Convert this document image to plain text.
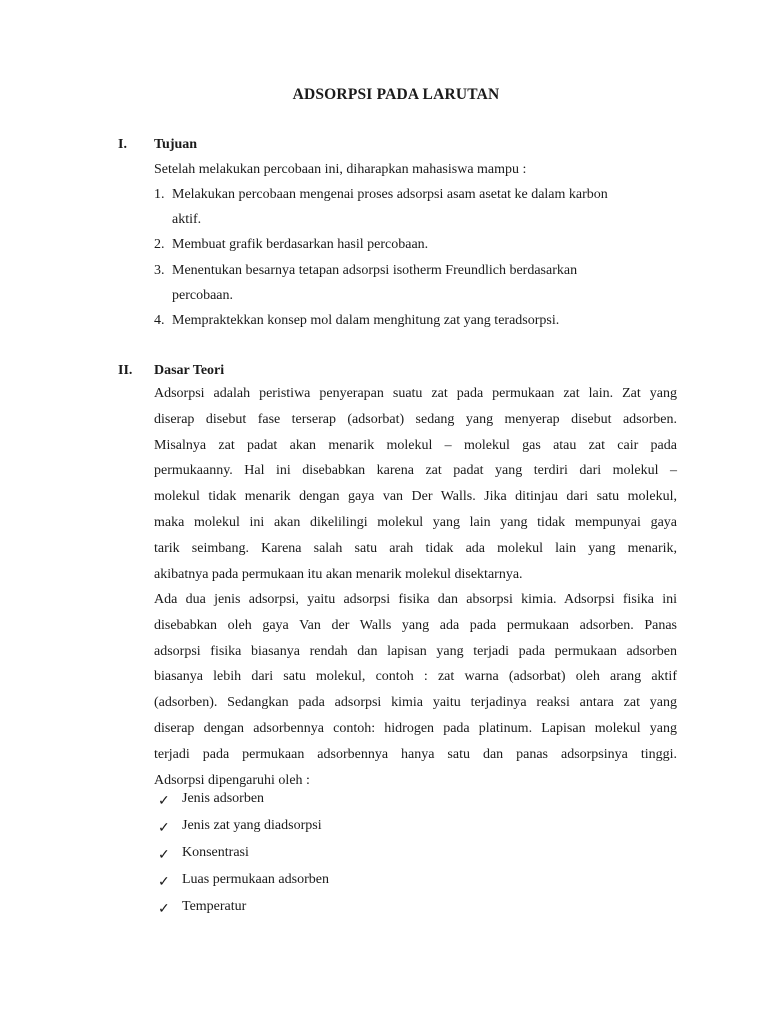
ADSORPSI PADA LARUTAN
I. Tujuan
Setelah melakukan percobaan ini, diharapkan mahasiswa mampu :
1. Melakukan percobaan mengenai proses adsorpsi asam asetat ke dalam karbon
aktif.
2. Membuat grafik berdasarkan hasil percobaan.
3. Menentukan besarnya tetapan adsorpsi isotherm Freundlich berdasarkan
percobaan.
4. Mempraktekkan konsep mol dalam menghitung zat yang teradsorpsi.
II. Dasar Teori
Adsorpsi adalah peristiwa penyerapan suatu zat pada permukaan zat lain. Zat yang
diserap disebut fase terserap (adsorbat) sedang yang menyerap disebut adsorben.
Misalnya zat padat akan menarik molekul – molekul gas atau zat cair pada
permukaanny. Hal ini disebabkan karena zat padat yang terdiri dari molekul –
molekul tidak menarik dengan gaya van Der Walls. Jika ditinjau dari satu molekul,
maka molekul ini akan dikelilingi molekul yang lain yang tidak mempunyai gaya
tarik seimbang. Karena salah satu arah tidak ada molekul lain yang menarik,
akibatnya pada permukaan itu akan menarik molekul disektarnya.
Ada dua jenis adsorpsi, yaitu adsorpsi fisika dan absorpsi kimia. Adsorpsi fisika ini
disebabkan oleh gaya Van der Walls yang ada pada permukaan adsorben. Panas
adsorpsi fisika biasanya rendah dan lapisan yang terjadi pada permukaan adsorben
biasanya lebih dari satu molekul, contoh : zat warna (adsorbat) oleh arang aktif
(adsorben). Sedangkan pada adsorpsi kimia yaitu terjadinya reaksi antara zat yang
diserap dengan adsorbennya contoh: hidrogen pada platinum. Lapisan molekul yang
terjadi pada permukaan adsorbennya hanya satu dan panas adsorpsinya tinggi.
Adsorpsi dipengaruhi oleh :
✓ Jenis adsorben
✓ Jenis zat yang diadsorpsi
✓ Konsentrasi
✓ Luas permukaan adsorben
✓ Temperatur
